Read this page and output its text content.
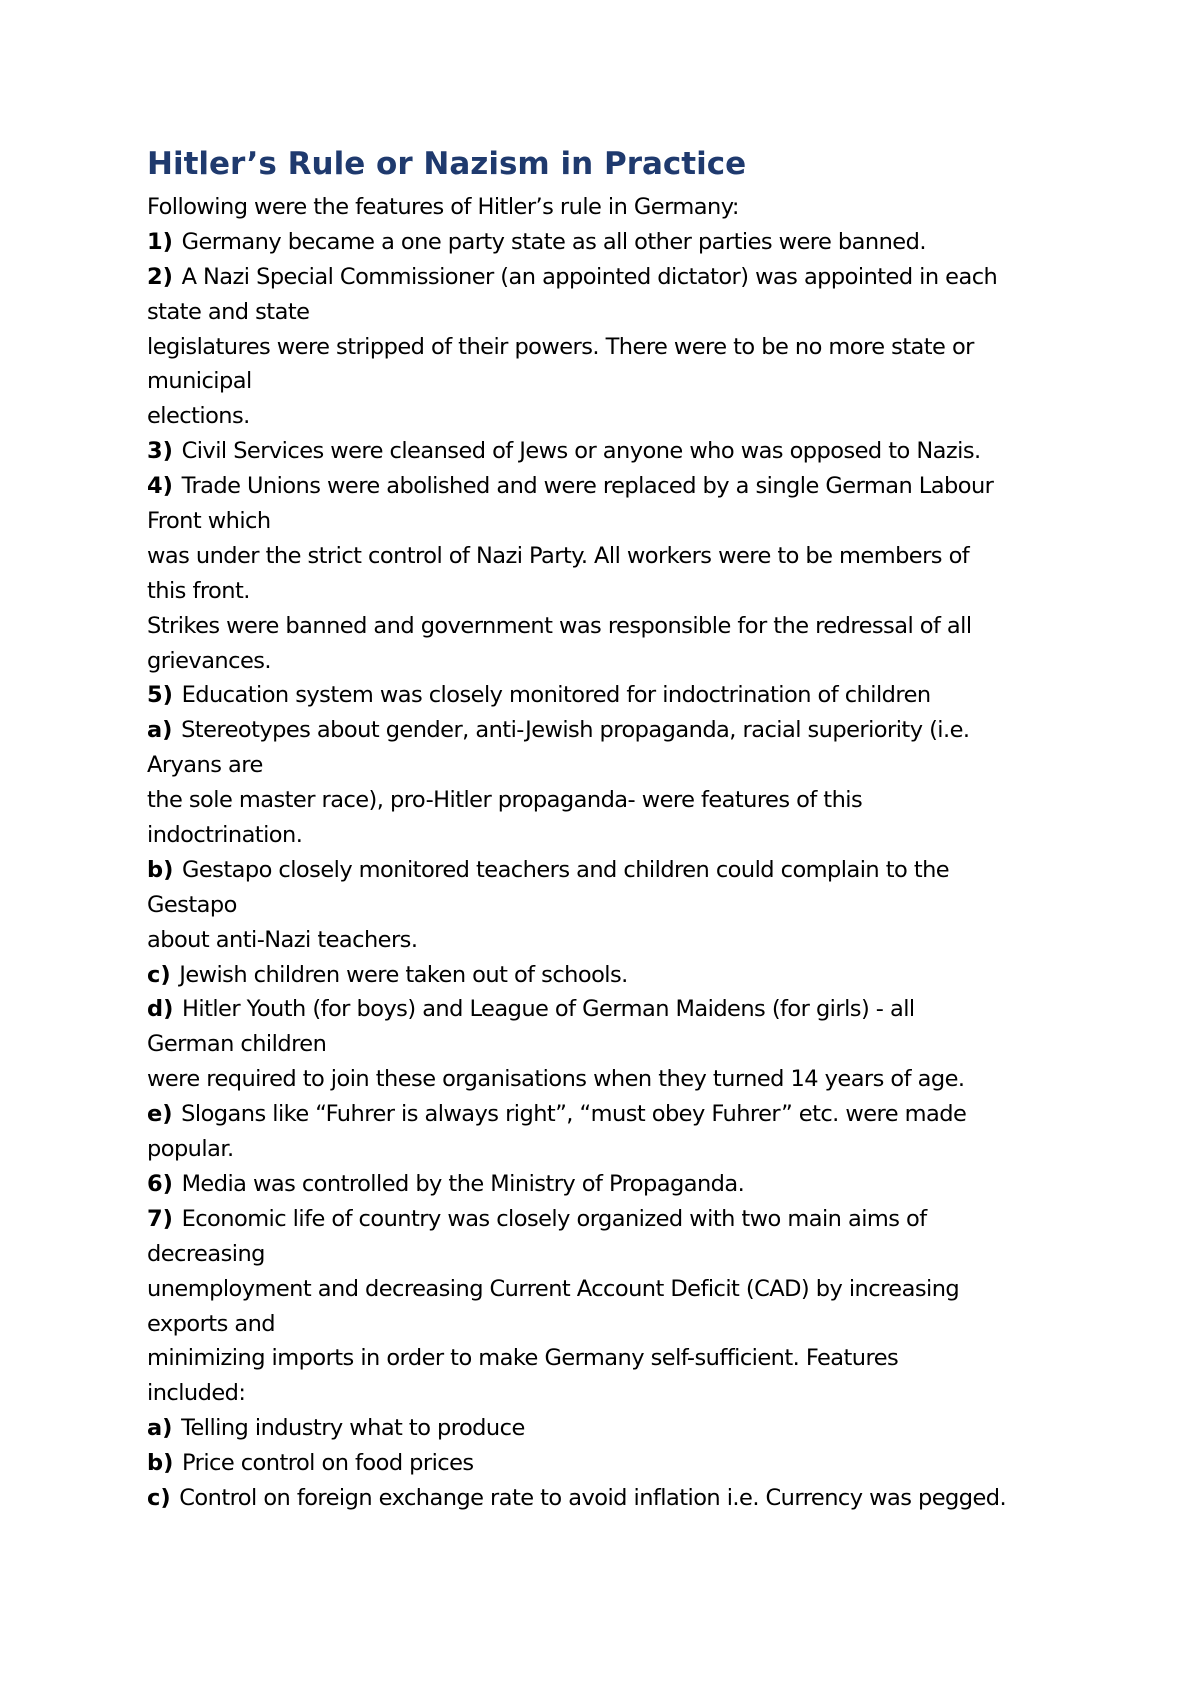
Hitler’s Rule or Nazism in Practice
Following were the features of Hitler’s rule in Germany:
1) Germany became a one party state as all other parties were banned.
2) A Nazi Special Commissioner (an appointed dictator) was appointed in each
state and state
legislatures were stripped of their powers. There were to be no more state or
municipal
elections.
3) Civil Services were cleansed of Jews or anyone who was opposed to Nazis.
4) Trade Unions were abolished and were replaced by a single German Labour
Front which
was under the strict control of Nazi Party. All workers were to be members of
this front.
Strikes were banned and government was responsible for the redressal of all
grievances.
5) Education system was closely monitored for indoctrination of children
a) Stereotypes about gender, anti-Jewish propaganda, racial superiority (i.e.
Aryans are
the sole master race), pro-Hitler propaganda- were features of this
indoctrination.
b) Gestapo closely monitored teachers and children could complain to the
Gestapo
about anti-Nazi teachers.
c) Jewish children were taken out of schools.
d) Hitler Youth (for boys) and League of German Maidens (for girls) - all
German children
were required to join these organisations when they turned 14 years of age.
e) Slogans like “Fuhrer is always right”, “must obey Fuhrer” etc. were made
popular.
6) Media was controlled by the Ministry of Propaganda.
7) Economic life of country was closely organized with two main aims of
decreasing
unemployment and decreasing Current Account Deficit (CAD) by increasing
exports and
minimizing imports in order to make Germany self-sufficient. Features
included:
a) Telling industry what to produce
b) Price control on food prices
c) Control on foreign exchange rate to avoid inflation i.e. Currency was pegged.
